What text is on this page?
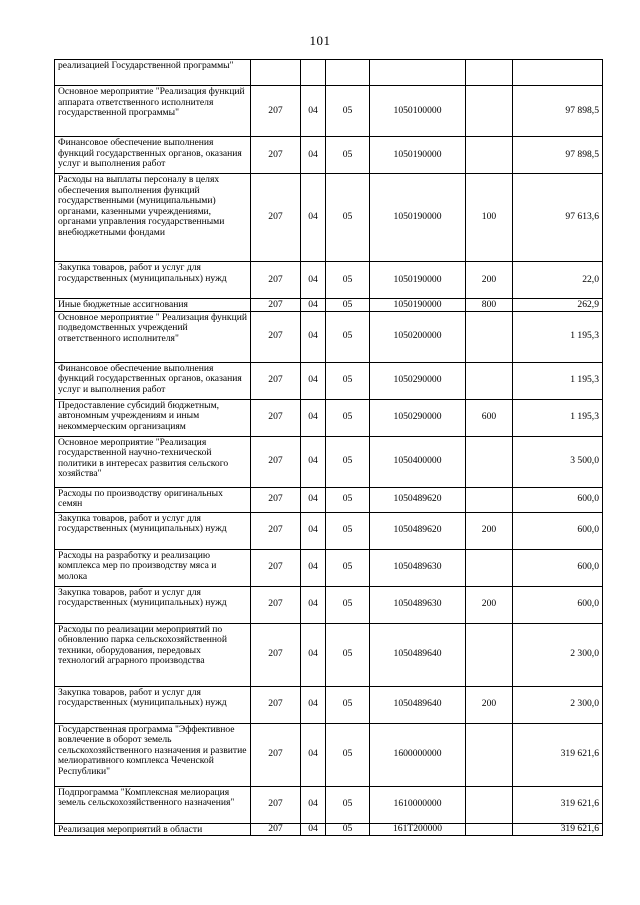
101
реализацией Государственной программы"						
Основное мероприятие "Реализация функций аппарата ответственного исполнителя государственной программы"	207	04	05	1050100000		97 898,5
Финансовое обеспечение выполнения функций государственных органов, оказания услуг и выполнения работ	207	04	05	1050190000		97 898,5
Расходы на выплаты персоналу в целях обеспечения выполнения функций государственными (муниципальными) органами, казенными учреждениями, органами управления государственными внебюджетными фондами	207	04	05	1050190000	100	97 613,6
Закупка товаров, работ и услуг для государственных (муниципальных) нужд	207	04	05	1050190000	200	22,0
Иные бюджетные ассигнования	207	04	05	1050190000	800	262,9
Основное мероприятие " Реализация функций подведомственных учреждений ответственного исполнителя"	207	04	05	1050200000		1 195,3
Финансовое обеспечение выполнения функций государственных органов, оказания услуг и выполнения работ	207	04	05	1050290000		1 195,3
Предоставление субсидий бюджетным, автономным учреждениям и иным некоммерческим организациям	207	04	05	1050290000	600	1 195,3
Основное мероприятие "Реализация государственной научно-технической политики в интересах развития сельского хозяйства"	207	04	05	1050400000		3 500,0
Расходы по производству оригинальных семян	207	04	05	1050489620		600,0
Закупка товаров, работ и услуг для государственных (муниципальных) нужд	207	04	05	1050489620	200	600,0
Расходы на разработку и реализацию комплекса мер по производству мяса и молока	207	04	05	1050489630		600,0
Закупка товаров, работ и услуг для государственных (муниципальных) нужд	207	04	05	1050489630	200	600,0
Расходы по реализации мероприятий по обновлению парка сельскохозяйственной техники, оборудования, передовых технологий аграрного производства	207	04	05	1050489640		2 300,0
Закупка товаров, работ и услуг для государственных (муниципальных) нужд	207	04	05	1050489640	200	2 300,0
Государственная программа "Эффективное вовлечение в оборот земель сельскохозяйственного назначения и развитие мелиоративного комплекса Чеченской Республики"	207	04	05	1600000000		319 621,6
Подпрограмма "Комплексная мелиорация земель сельскохозяйственного назначения"	207	04	05	1610000000		319 621,6
Реализация мероприятий в области	207	04	05	161Т200000		319 621,6
